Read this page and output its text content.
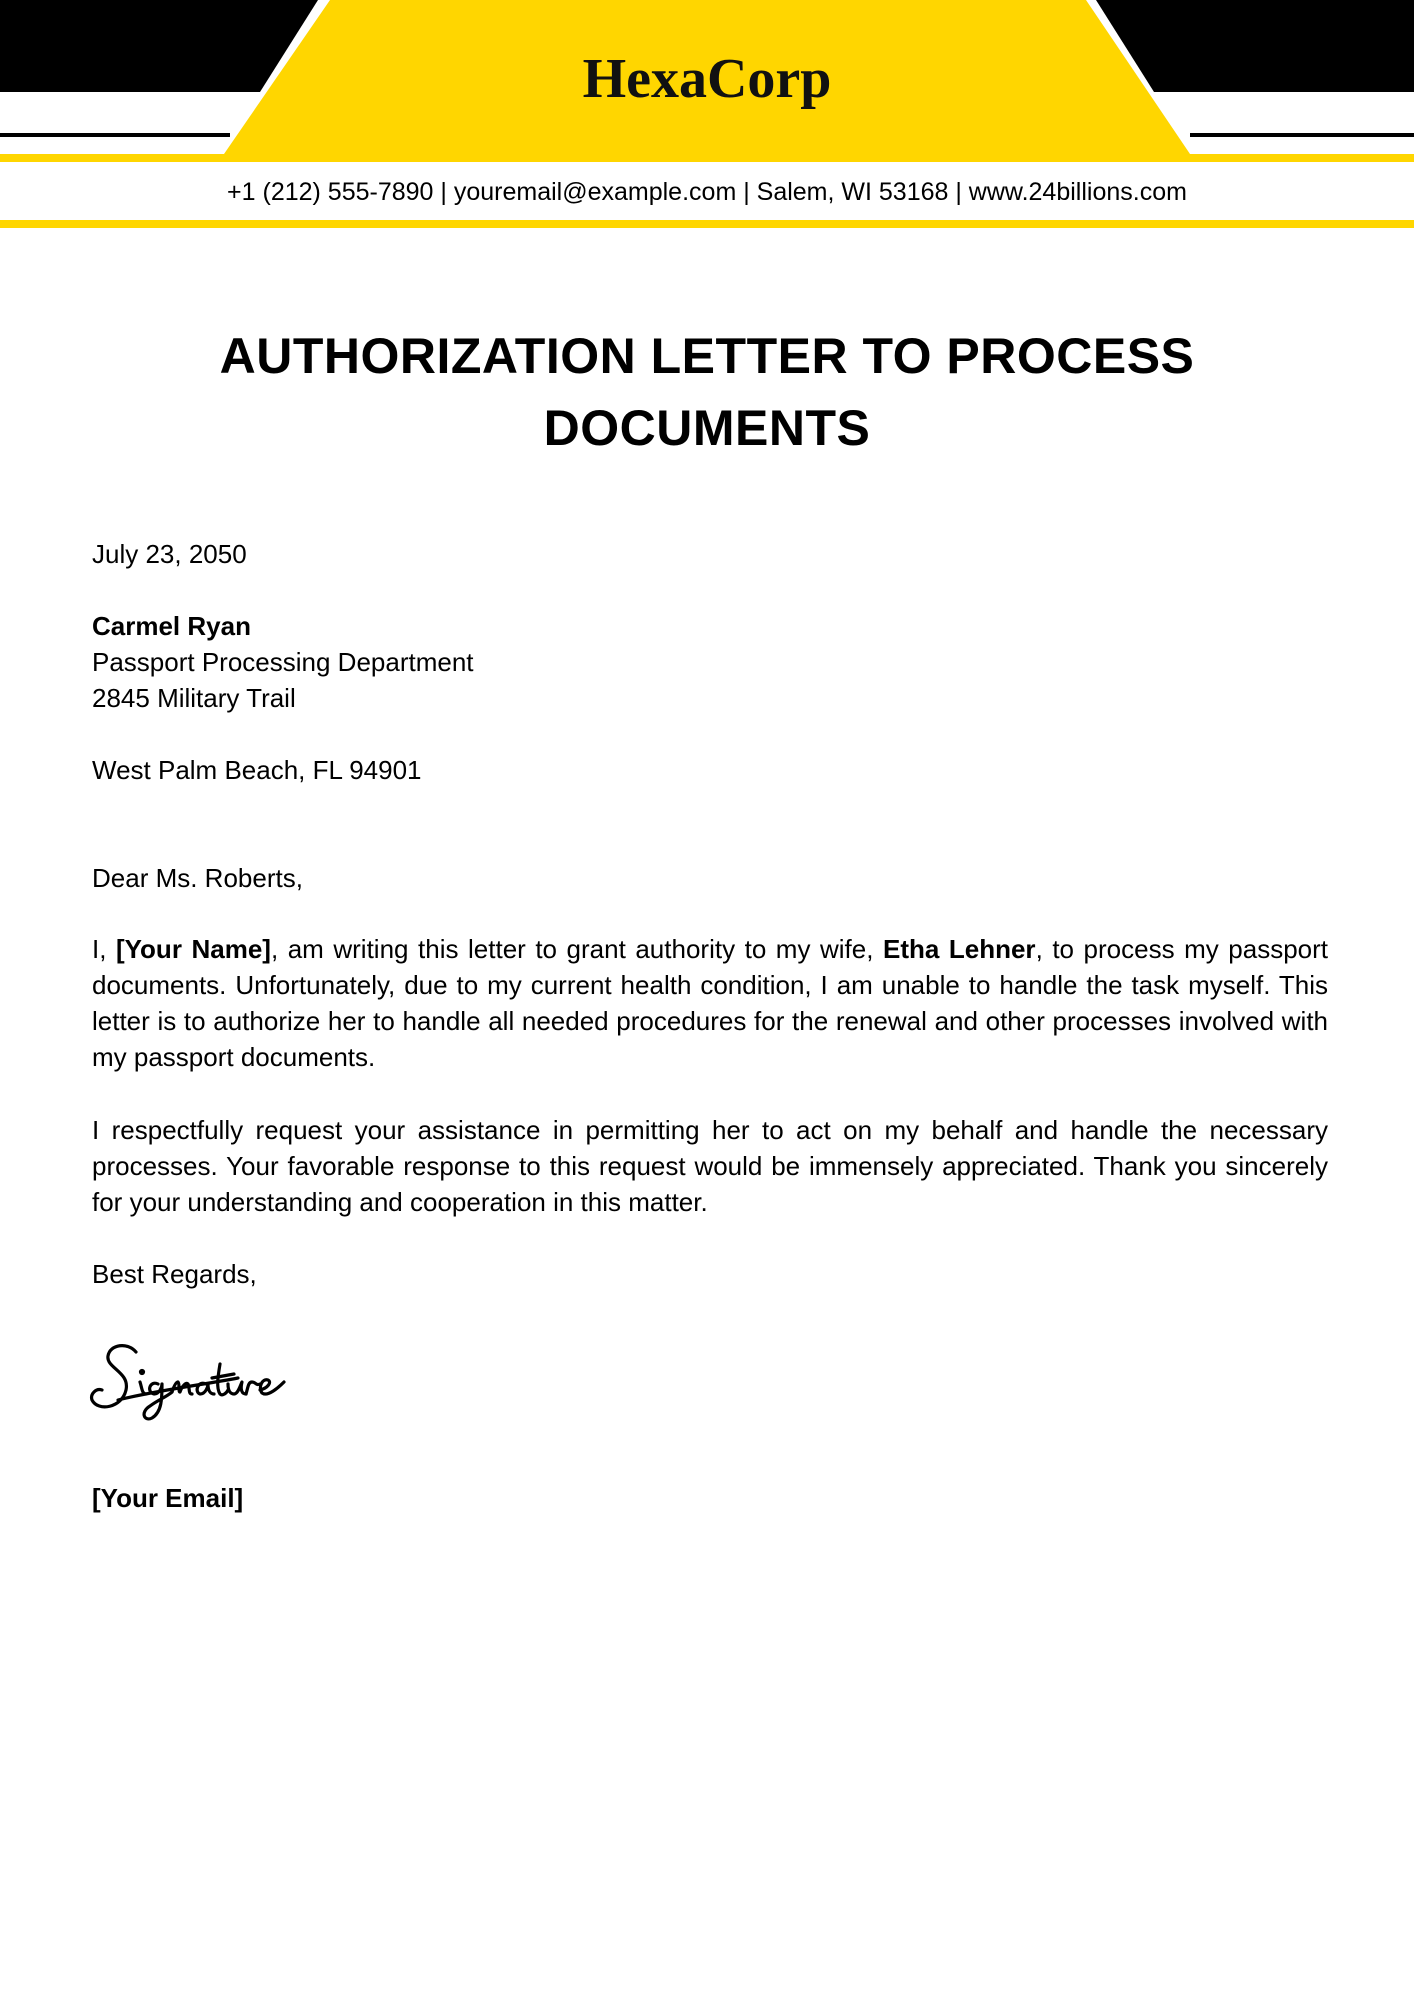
HexaCorp
+1 (212) 555-7890 | youremail@example.com | Salem, WI 53168 | www.24billions.com
AUTHORIZATION LETTER TO PROCESS DOCUMENTS
July 23, 2050
Carmel Ryan
Passport Processing Department
2845 Military Trail
West Palm Beach, FL 94901
Dear Ms. Roberts,
I, [Your Name], am writing this letter to grant authority to my wife, Etha Lehner, to process my passport documents. Unfortunately, due to my current health condition, I am unable to handle the task myself. This letter is to authorize her to handle all needed procedures for the renewal and other processes involved with my passport documents.
I respectfully request your assistance in permitting her to act on my behalf and handle the necessary processes. Your favorable response to this request would be immensely appreciated. Thank you sincerely for your understanding and cooperation in this matter.
Best Regards,
[Your Email]
